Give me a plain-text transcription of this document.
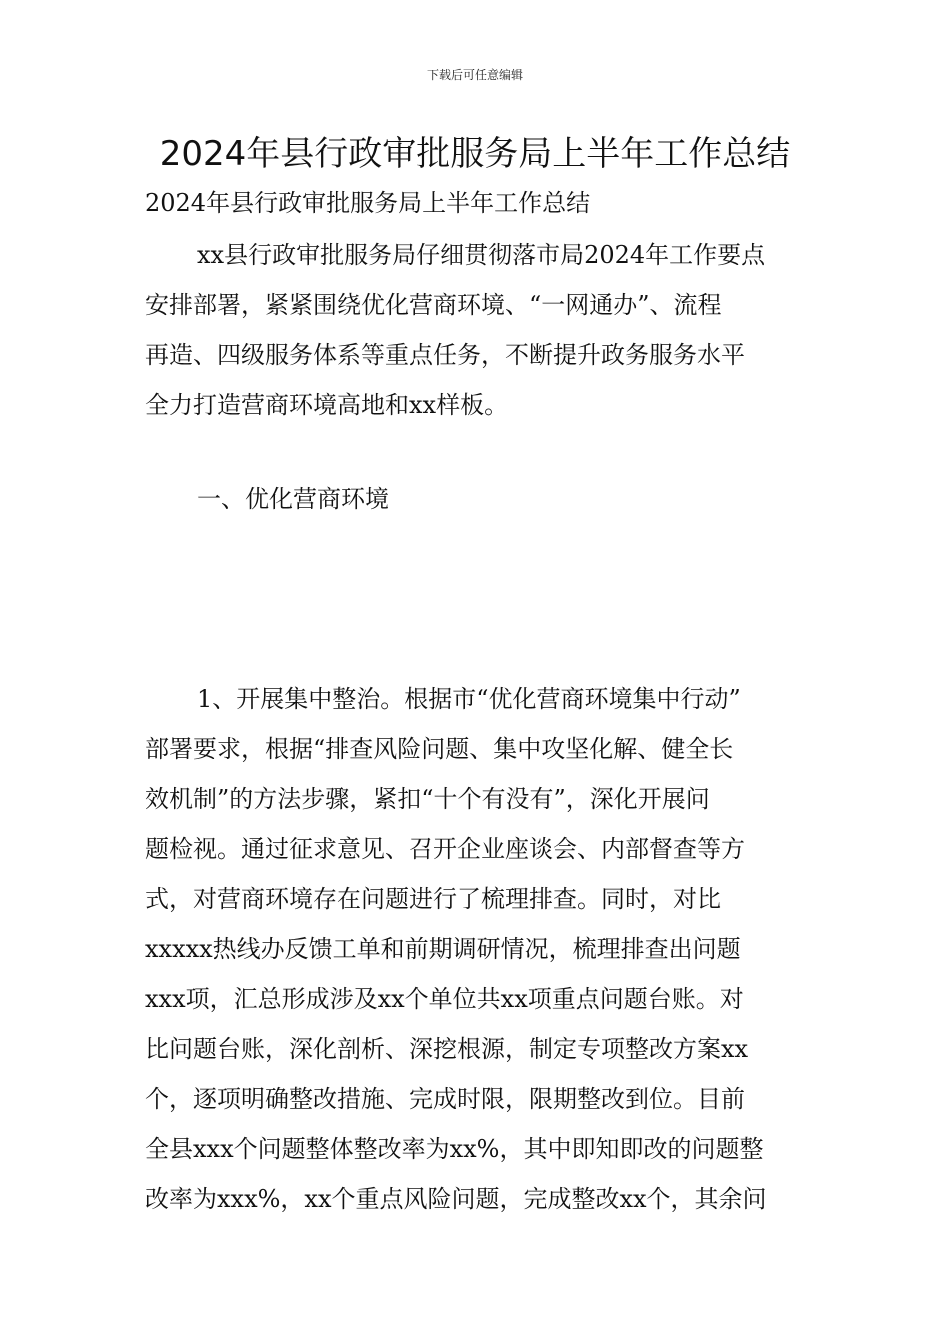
下载后可任意编辑
2024年县行政审批服务局上半年工作总结
2024年县行政审批服务局上半年工作总结
xx县行政审批服务局仔细贯彻落市局2024年工作要点
安排部署，紧紧围绕优化营商环境、“一网通办”、流程
再造、四级服务体系等重点任务，不断提升政务服务水平
全力打造营商环境高地和xx样板。
一、优化营商环境
1、开展集中整治。根据市“优化营商环境集中行动”
部署要求，根据“排查风险问题、集中攻坚化解、健全长
效机制”的方法步骤，紧扣“十个有没有”，深化开展问
题检视。通过征求意见、召开企业座谈会、内部督查等方
式，对营商环境存在问题进行了梳理排查。同时，对比
xxxxx热线办反馈工单和前期调研情况，梳理排查出问题
xxx项，汇总形成涉及xx个单位共xx项重点问题台账。对
比问题台账，深化剖析、深挖根源，制定专项整改方案xx
个，逐项明确整改措施、完成时限，限期整改到位。目前
全县xxx个问题整体整改率为xx%，其中即知即改的问题整
改率为xxx%，xx个重点风险问题，完成整改xx个，其余问
